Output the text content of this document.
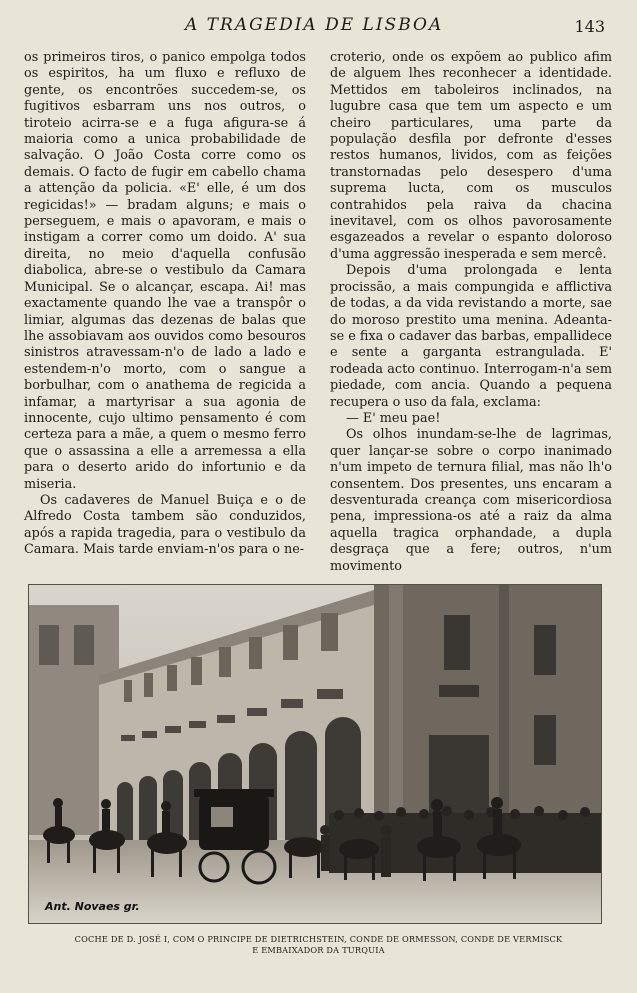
A TRAGEDIA DE LISBOA	143

os primeiros tiros, o panico empolga todos os espiritos, ha um fluxo e refluxo de gente, os encontrões succedem-se, os fugitivos esbarram uns nos outros, o tiroteio acirra-se e a fuga afigura-se á maioria como a unica probabilidade de salvação. O João Costa corre como os demais. O facto de fugir em cabello chama a attenção da policia. «E' elle, é um dos regicidas!» — bradam alguns; e mais o perseguem, e mais o apavoram, e mais o instigam a correr como um doido. A' sua direita, no meio d'aquella confusão diabolica, abre-se o vestibulo da Camara Municipal. Se o alcançar, escapa. Ai! mas exactamente quando lhe vae a transpôr o limiar, algumas das dezenas de balas que lhe assobiavam aos ouvidos como besouros sinistros atravessam-n'o de lado a lado e estendem-n'o morto, com o sangue a borbulhar, com o anathema de regicida a infamar, a martyrisar a sua agonia de innocente, cujo ultimo pensamento é com certeza para a mãe, a quem o mesmo ferro que o assassina a elle a arremessa a ella para o deserto arido do infortunio e da miseria.

Os cadaveres de Manuel Buiça e o de Alfredo Costa tambem são conduzidos, após a rapida tragedia, para o vestibulo da Camara. Mais tarde enviam-n'os para o ne-

croterio, onde os expõem ao publico afim de alguem lhes reconhecer a identidade. Mettidos em taboleiros inclinados, na lugubre casa que tem um aspecto e um cheiro particulares, uma parte da população desfila por defronte d'esses restos humanos, lividos, com as feições transtornadas pelo desespero d'uma suprema lucta, com os musculos contrahidos pela raiva da chacina inevitavel, com os olhos pavorosamente esgazeados a revelar o espanto doloroso d'uma aggressão inesperada e sem mercê.

Depois d'uma prolongada e lenta procissão, a mais compungida e afflictiva de todas, a da vida revistando a morte, sae do moroso prestito uma menina. Adeanta-se e fixa o cadaver das barbas, empallidece e sente a garganta estrangulada. E' rodeada acto continuo. Interrogam-n'a sem piedade, com ancia. Quando a pequena recupera o uso da fala, exclama:

— E' meu pae!

Os olhos inundam-se-lhe de lagrimas, quer lançar-se sobre o corpo inanimado n'um impeto de ternura filial, mas não lh'o consentem. Dos presentes, uns encaram a desventurada creança com misericordiosa pena, impressiona-os até a raiz da alma aquella tragica orphandade, a dupla desgraça que a fere; outros, n'um movimento

Ant. Novaes gr.
COCHE DE D. JOSÉ I, COM O PRINCIPE DE DIETRICHSTEIN, CONDE DE ORMESSON, CONDE DE VERMISCK
E EMBAIXADOR DA TURQUIA
